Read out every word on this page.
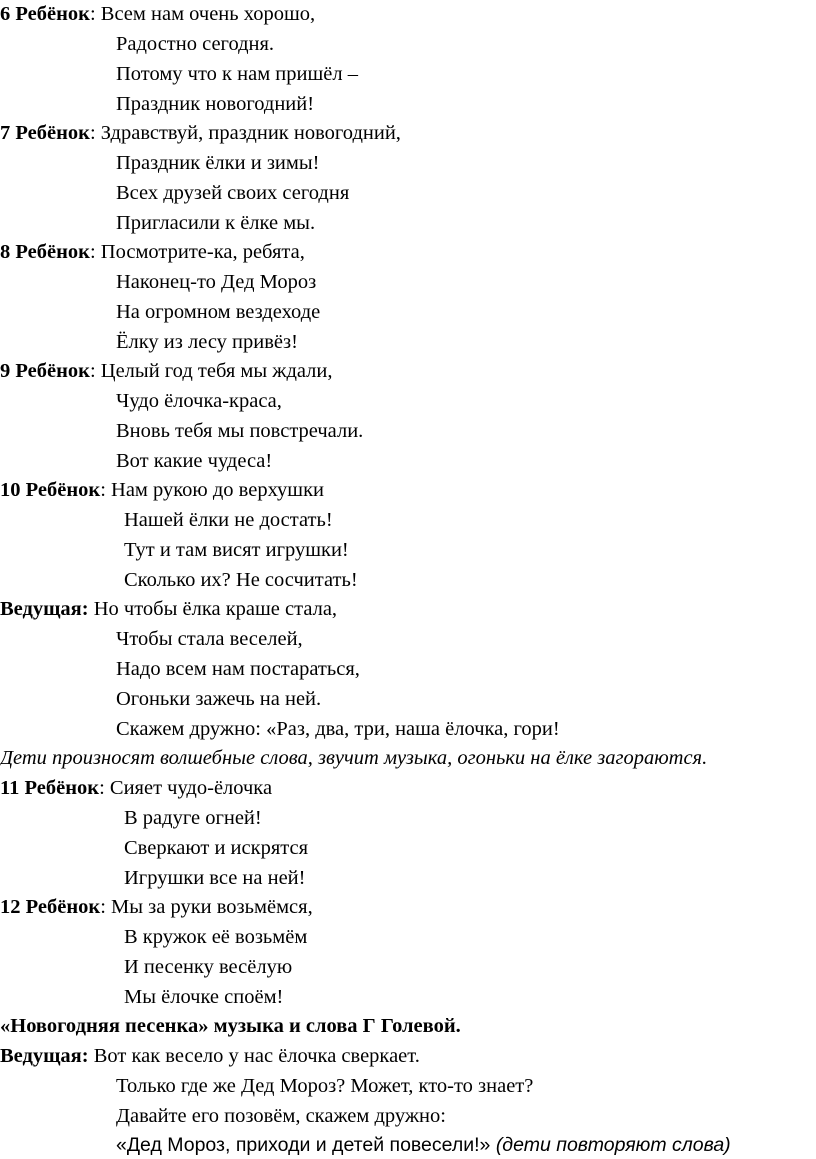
6 Ребёнок: Всем нам очень хорошо,
Радостно сегодня.
Потому что к нам пришёл –
Праздник новогодний!
7 Ребёнок: Здравствуй, праздник новогодний,
Праздник ёлки и зимы!
Всех друзей своих сегодня
Пригласили к ёлке мы.
8 Ребёнок: Посмотрите-ка, ребята,
Наконец-то Дед Мороз
На огромном вездеходе
Ёлку из лесу привёз!
9 Ребёнок: Целый год тебя мы ждали,
Чудо ёлочка-краса,
Вновь тебя мы повстречали.
Вот какие чудеса!
10 Ребёнок: Нам рукою до верхушки
Нашей ёлки не достать!
Тут и там висят игрушки!
Сколько их? Не сосчитать!
Ведущая: Но чтобы ёлка краше стала,
Чтобы стала веселей,
Надо всем нам постараться,
Огоньки зажечь на ней.
Скажем дружно: «Раз, два, три, наша ёлочка, гори!
Дети произносят волшебные слова, звучит музыка, огоньки на ёлке загораются.
11 Ребёнок: Сияет чудо-ёлочка
В радуге огней!
Сверкают и искрятся
Игрушки все на ней!
12 Ребёнок: Мы за руки возьмёмся,
В кружок её возьмём
И песенку весёлую
Мы ёлочке споём!
«Новогодняя песенка» музыка и слова Г Голевой.
Ведущая: Вот как весело у нас ёлочка сверкает.
Только где же Дед Мороз? Может, кто-то знает?
Давайте его позовём, скажем дружно:
«Дед Мороз, приходи и детей повесели!» (дети повторяют слова)
